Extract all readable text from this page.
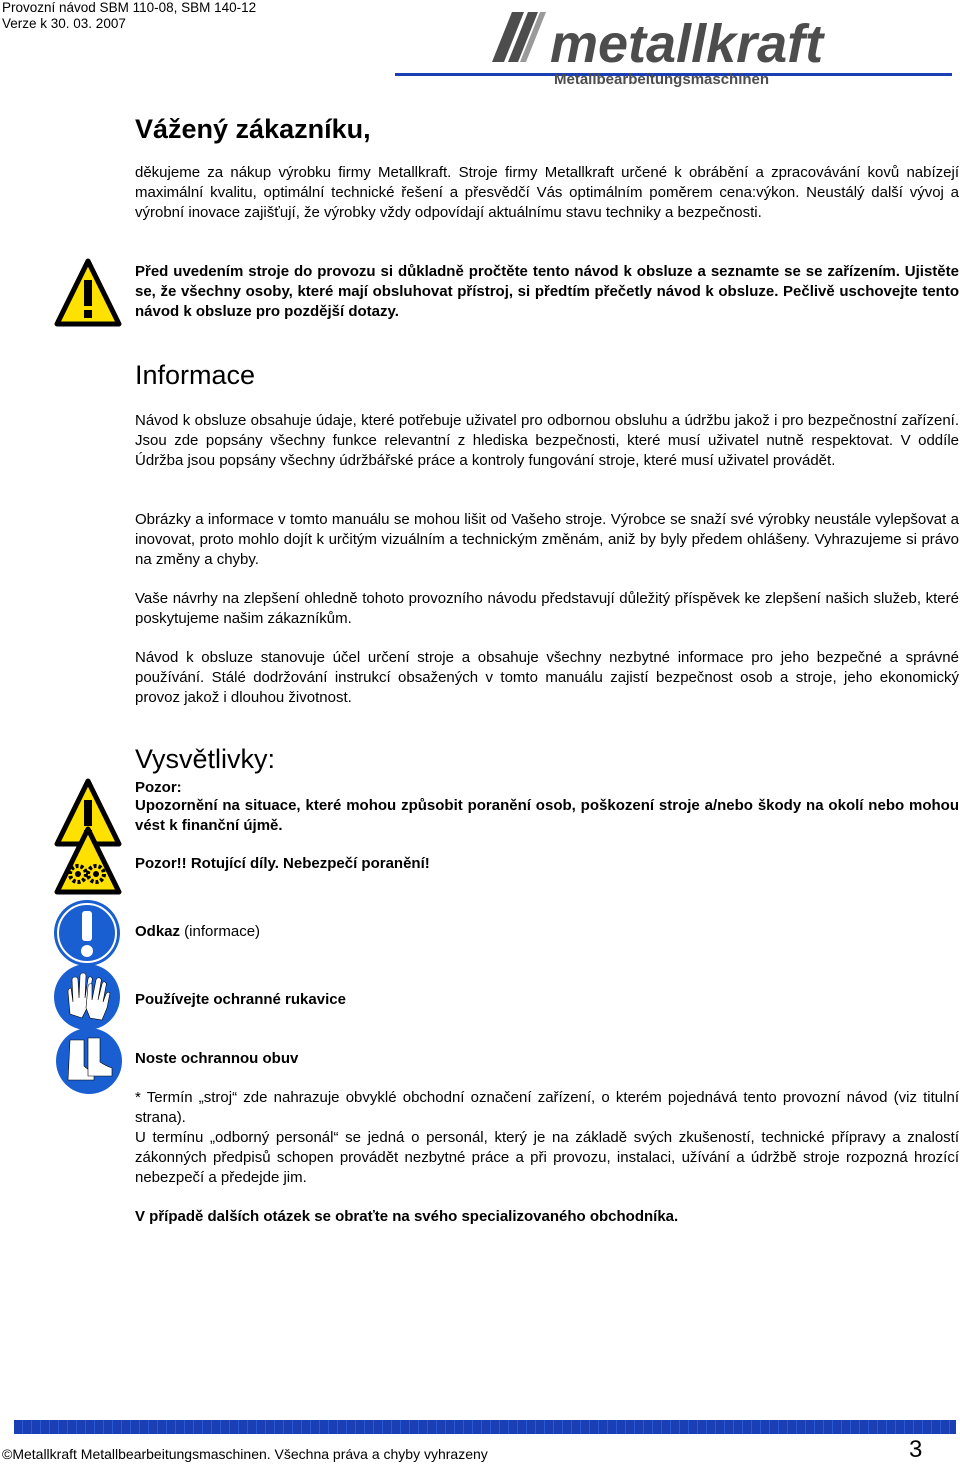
Provozní návod SBM 110-08, SBM 140-12
Verze k 30. 03. 2007	metallkraft
Metallbearbeitungsmaschinen
Vážený zákazníku,
děkujeme za nákup výrobku firmy Metallkraft. Stroje firmy Metallkraft určené k obrábění a zpracovávání kovů nabízejí maximální kvalitu, optimální technické řešení a přesvědčí Vás optimálním poměrem cena:výkon. Neustálý další vývoj a výrobní inovace zajišťují, že výrobky vždy odpovídají aktuálnímu stavu techniky a bezpečnosti.
Před uvedením stroje do provozu si důkladně pročtěte tento návod k obsluze a seznamte se se zařízením. Ujistěte se, že všechny osoby, které mají obsluhovat přístroj, si předtím přečetly návod k obsluze. Pečlivě uschovejte tento návod k obsluze pro pozdější dotazy.
Informace
Návod k obsluze obsahuje údaje, které potřebuje uživatel pro odbornou obsluhu a údržbu jakož i pro bezpečnostní zařízení. Jsou zde popsány všechny funkce relevantní z hlediska bezpečnosti, které musí uživatel nutně respektovat. V oddíle Údržba jsou popsány všechny údržbářské práce a kontroly fungování stroje, které musí uživatel provádět.
Obrázky a informace v tomto manuálu se mohou lišit od Vašeho stroje. Výrobce se snaží své výrobky neustále vylepšovat a inovovat, proto mohlo dojít k určitým vizuálním a technickým změnám, aniž by byly předem ohlášeny. Vyhrazujeme si právo na změny a chyby.
Vaše návrhy na zlepšení ohledně tohoto provozního návodu představují důležitý příspěvek ke zlepšení našich služeb, které poskytujeme našim zákazníkům.
Návod k obsluze stanovuje účel určení stroje a obsahuje všechny nezbytné informace pro jeho bezpečné a správné používání. Stálé dodržování instrukcí obsažených v tomto manuálu zajistí bezpečnost osob a stroje, jeho ekonomický provoz jakož i dlouhou životnost.
Vysvětlivky:
Pozor:
Upozornění na situace, které mohou způsobit poranění osob, poškození stroje a/nebo škody na okolí nebo mohou vést k finanční újmě.
Pozor!! Rotující díly. Nebezpečí poranění!
Odkaz (informace)
Používejte ochranné rukavice
Noste ochrannou obuv
* Termín „stroj“ zde nahrazuje obvyklé obchodní označení zařízení, o kterém pojednává tento provozní návod (viz titulní strana).
U termínu „odborný personál“ se jedná o personál, který je na základě svých zkušeností, technické přípravy a znalostí zákonných předpisů schopen provádět nezbytné práce a při provozu, instalaci, užívání a údržbě stroje rozpozná hrozící nebezpečí a předejde jim.
V případě dalších otázek se obraťte na svého specializovaného obchodníka.
©Metallkraft Metallbearbeitungsmaschinen. Všechna práva a chyby vyhrazeny	3
